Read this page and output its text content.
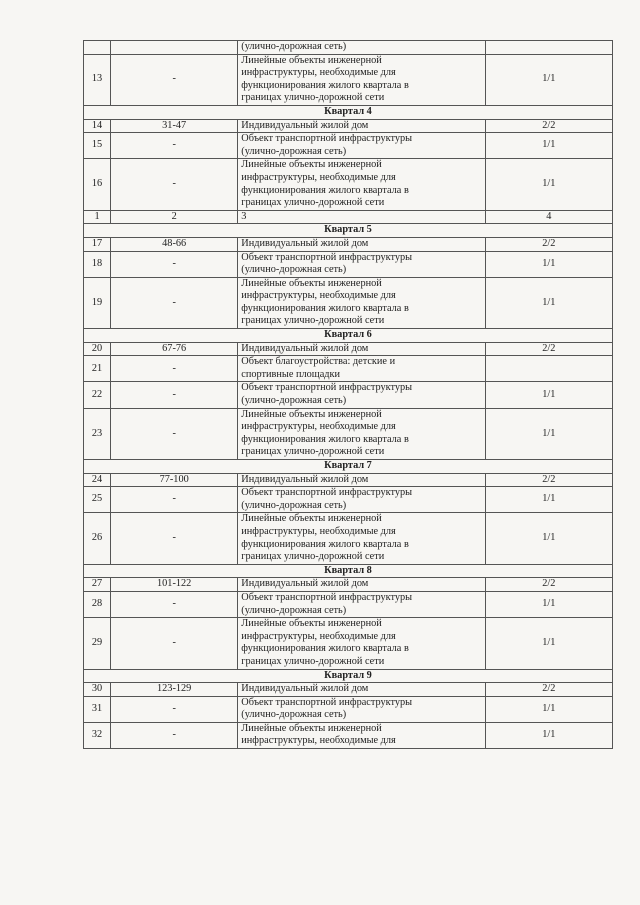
		(улично-дорожная сеть)	

13	-	Линейные объекты инженерной
инфраструктуры, необходимые для
функционирования жилого квартала в
границах улично-дорожной сети	1/1
Квартал 4			
14	31-47	Индивидуальный жилой дом	2/2
15	-	Объект транспортной инфраструктуры
(улично-дорожная сеть)	1/1
16	-	Линейные объекты инженерной
инфраструктуры, необходимые для
функционирования жилого квартала в
границах улично-дорожной сети	1/1
1	2	3	4
Квартал 5			
17	48-66	Индивидуальный жилой дом	2/2
18	-	Объект транспортной инфраструктуры
(улично-дорожная сеть)	1/1
19	-	Линейные объекты инженерной
инфраструктуры, необходимые для
функционирования жилого квартала в
границах улично-дорожной сети	1/1
Квартал 6			
20	67-76	Индивидуальный жилой дом	2/2
21	-	Объект благоустройства: детские и
спортивные площадки	

22	-	Объект транспортной инфраструктуры
(улично-дорожная сеть)	1/1
23	-	Линейные объекты инженерной
инфраструктуры, необходимые для
функционирования жилого квартала в
границах улично-дорожной сети	1/1
Квартал 7			
24	77-100	Индивидуальный жилой дом	2/2
25	-	Объект транспортной инфраструктуры
(улично-дорожная сеть)	1/1
26	-	Линейные объекты инженерной
инфраструктуры, необходимые для
функционирования жилого квартала в
границах улично-дорожной сети	1/1
Квартал 8			
27	101-122	Индивидуальный жилой дом	2/2
28	-	Объект транспортной инфраструктуры
(улично-дорожная сеть)	1/1
29	-	Линейные объекты инженерной
инфраструктуры, необходимые для
функционирования жилого квартала в
границах улично-дорожной сети	1/1
Квартал 9			
30	123-129	Индивидуальный жилой дом	2/2
31	-	Объект транспортной инфраструктуры
(улично-дорожная сеть)	1/1
32	-	Линейные объекты инженерной
инфраструктуры, необходимые для	1/1
